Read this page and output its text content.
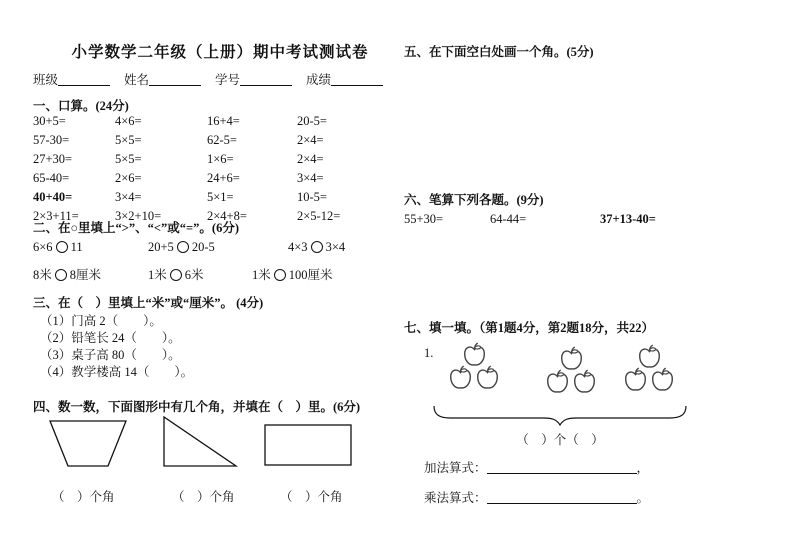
小学数学二年级（上册）期中考试测试卷	五、在下面空白处画一个角。(5分)
班级	姓名	学号	成绩
一、口算。(24分)
30+5=	4×6=	16+4=	20-5=
57-30=	5×5=	62-5=	2×4=
27+30=	5×5=	1×6=	2×4=
65-40=	2×6=	24+6=	3×4=
40+40=	3×4=	5×1=	10-5=
2×3+11=	3×2+10=	2×4+8=	2×5-12=
二、在○里填上“>”、“<”或“=”。(6分)
6×6 11	20+5 20-5	4×3 3×4
8米 8厘米	1米 6米	1米 100厘米
三、在（　）里填上“米”或“厘米”。 (4分)
（1）门高 2（　　）。
（2）铅笔长 24（　　）。
（3）桌子高 80（　　）。
（4）教学楼高 14（　　）。
四、数一数，下面图形中有几个角，并填在（　）里。(6分)
（　）个角	（　）个角	（　）个角
六、笔算下列各题。(9分)
55+30=	64-44=	37+13-40=
七、填一填。（第1题4分，第2题18分，共22）
1.
（　）个（　）
加法算式：	，
乘法算式：	。
